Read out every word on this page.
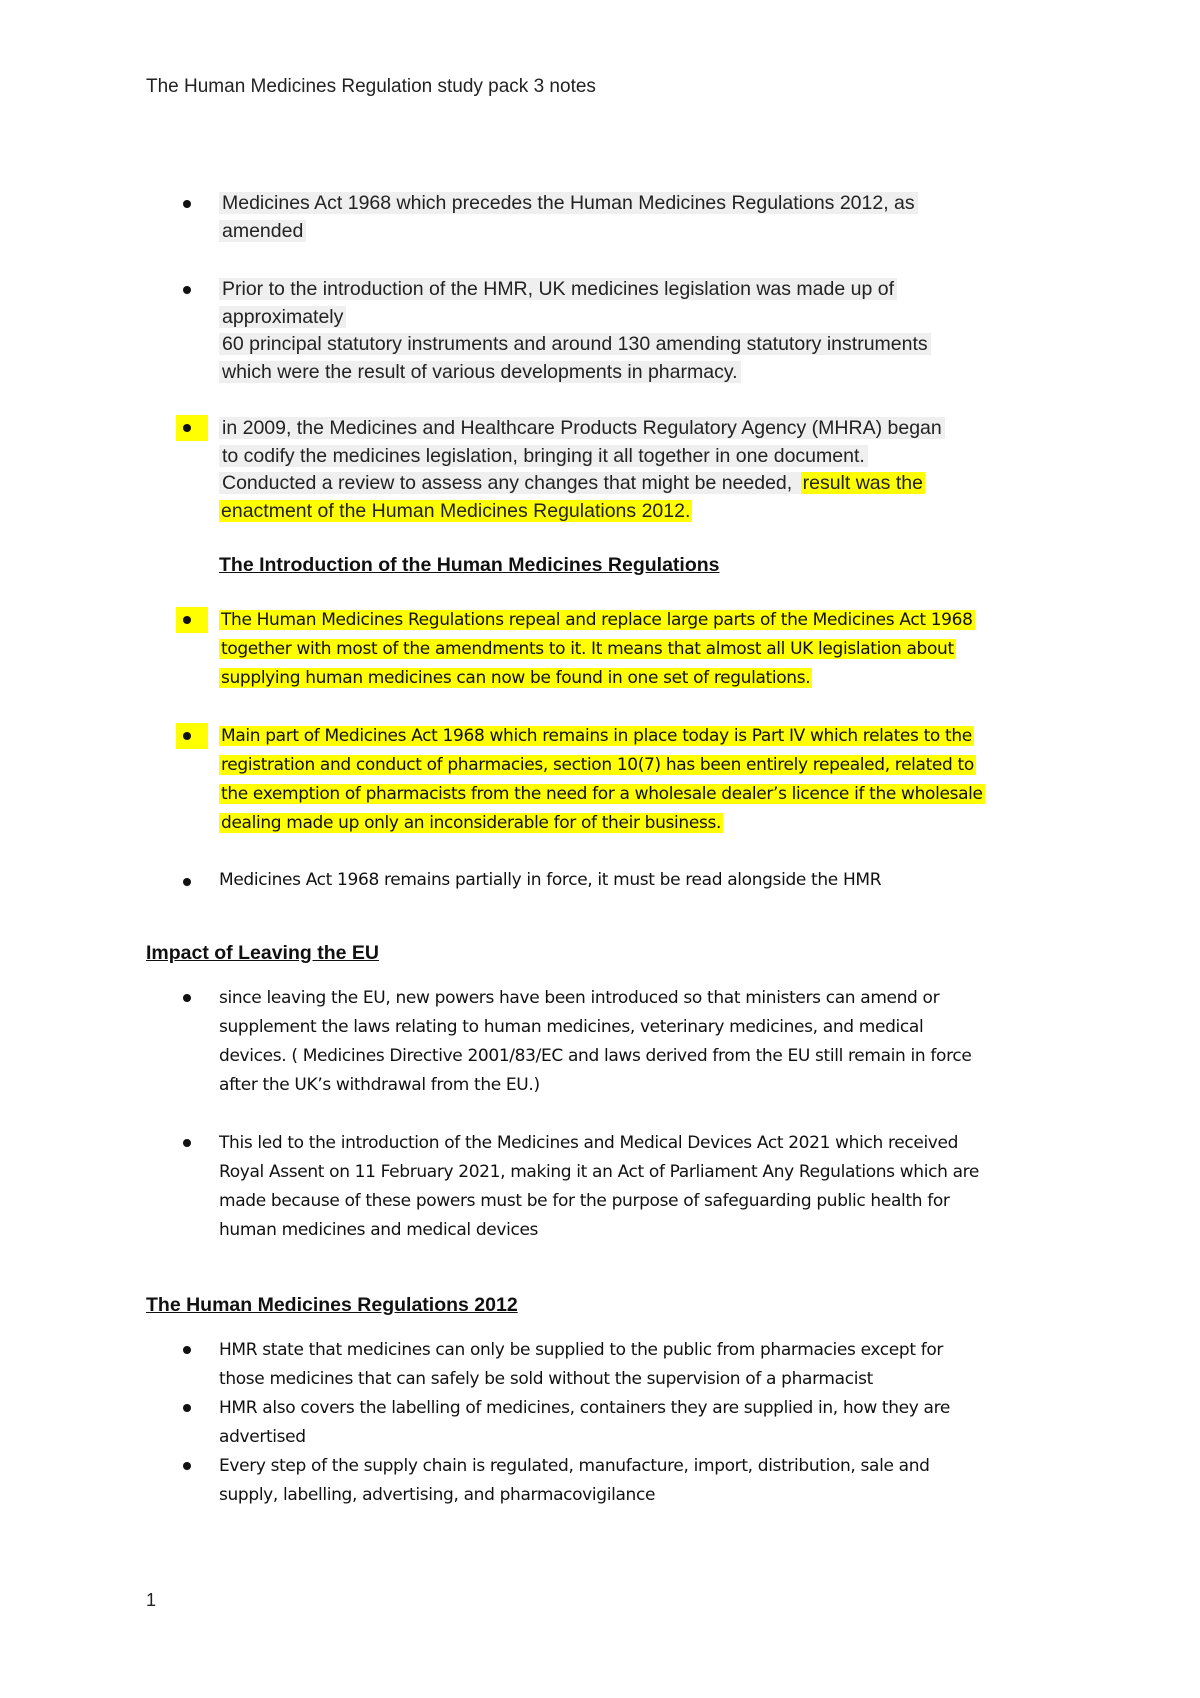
The Human Medicines Regulation study pack 3 notes
Medicines Act 1968 which precedes the Human Medicines Regulations 2012, as
amended
Prior to the introduction of the HMR, UK medicines legislation was made up of
approximately
60 principal statutory instruments and around 130 amending statutory instruments
which were the result of various developments in pharmacy.
in 2009, the Medicines and Healthcare Products Regulatory Agency (MHRA) began
to codify the medicines legislation, bringing it all together in one document.
Conducted a review to assess any changes that might be needed, result was the
enactment of the Human Medicines Regulations 2012.
The Introduction of the Human Medicines Regulations
The Human Medicines Regulations repeal and replace large parts of the Medicines Act 1968
together with most of the amendments to it. It means that almost all UK legislation about
supplying human medicines can now be found in one set of regulations.
Main part of Medicines Act 1968 which remains in place today is Part IV which relates to the
registration and conduct of pharmacies, section 10(7) has been entirely repealed, related to
the exemption of pharmacists from the need for a wholesale dealer’s licence if the wholesale
dealing made up only an inconsiderable for of their business.
Medicines Act 1968 remains partially in force, it must be read alongside the HMR
Impact of Leaving the EU
since leaving the EU, new powers have been introduced so that ministers can amend or
supplement the laws relating to human medicines, veterinary medicines, and medical
devices. ( Medicines Directive 2001/83/EC and laws derived from the EU still remain in force
after the UK’s withdrawal from the EU.)
This led to the introduction of the Medicines and Medical Devices Act 2021 which received
Royal Assent on 11 February 2021, making it an Act of Parliament Any Regulations which are
made because of these powers must be for the purpose of safeguarding public health for
human medicines and medical devices
The Human Medicines Regulations 2012
HMR state that medicines can only be supplied to the public from pharmacies except for
those medicines that can safely be sold without the supervision of a pharmacist
HMR also covers the labelling of medicines, containers they are supplied in, how they are
advertised
Every step of the supply chain is regulated, manufacture, import, distribution, sale and
supply, labelling, advertising, and pharmacovigilance
1
